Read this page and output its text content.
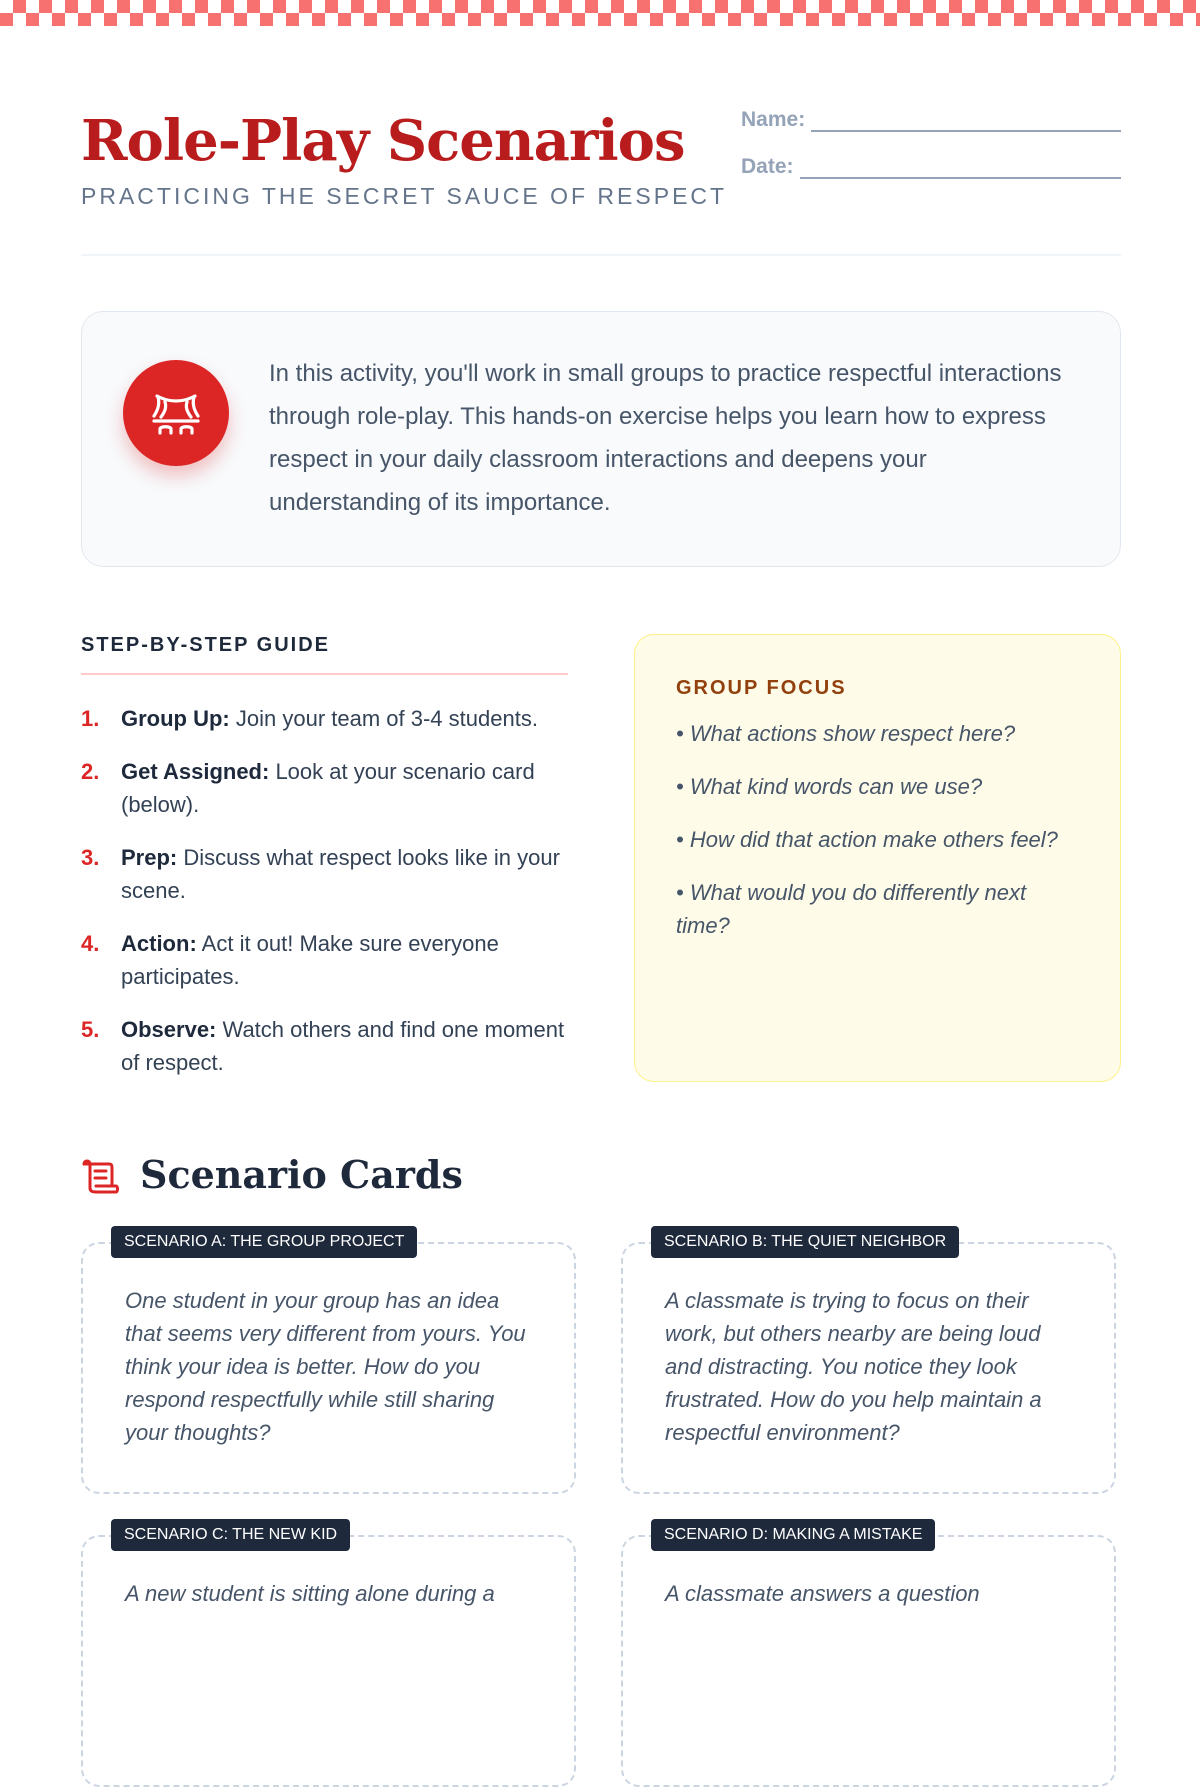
Role-Play Scenarios
PRACTICING THE SECRET SAUCE OF RESPECT
Name:
Date:

In this activity, you'll work in small groups to practice respectful interactions through role-play. This hands-on exercise helps you learn how to express respect in your daily classroom interactions and deepens your understanding of its importance.

STEP-BY-STEP GUIDE
1. Group Up: Join your team of 3-4 students.
2. Get Assigned: Look at your scenario card (below).
3. Prep: Discuss what respect looks like in your scene.
4. Action: Act it out! Make sure everyone participates.
5. Observe: Watch others and find one moment of respect.
GROUP FOCUS
• What actions show respect here?
• What kind words can we use?
• How did that action make others feel?
• What would you do differently next time?
Scenario Cards
SCENARIO A: THE GROUP PROJECT

One student in your group has an idea that seems very different from yours. You think your idea is better. How do you respond respectfully while still sharing your thoughts?

SCENARIO B: THE QUIET NEIGHBOR

A classmate is trying to focus on their work, but others nearby are being loud and distracting. You notice they look frustrated. How do you help maintain a respectful environment?

SCENARIO C: THE NEW KID

A new student is sitting alone during a

SCENARIO D: MAKING A MISTAKE

A classmate answers a question
